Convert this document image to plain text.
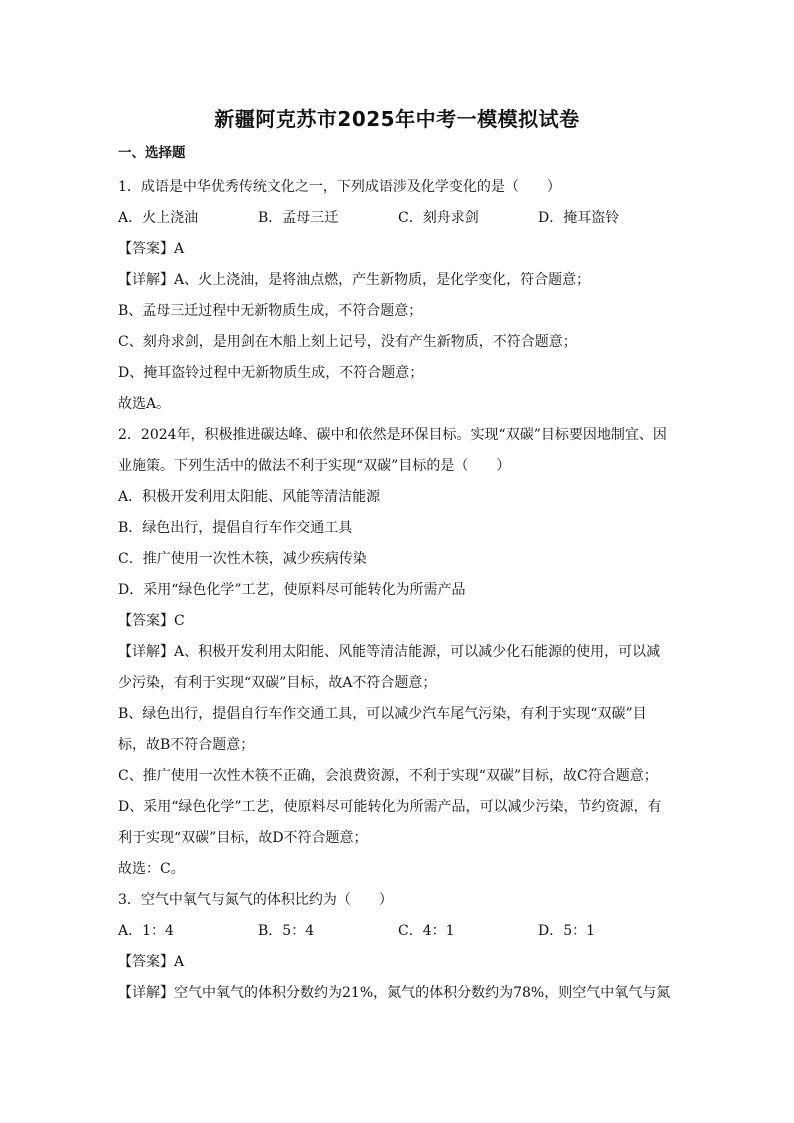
新疆阿克苏市2025年中考一模模拟试卷
一、选择题
1．成语是中华优秀传统文化之一，下列成语涉及化学变化的是（　　）
A．火上浇油	B．孟母三迁	C．刻舟求剑	D．掩耳盗铃
【答案】A
【详解】A、火上浇油，是将油点燃，产生新物质，是化学变化，符合题意；
B、孟母三迁过程中无新物质生成，不符合题意；
C、刻舟求剑，是用剑在木船上刻上记号，没有产生新物质，不符合题意；
D、掩耳盗铃过程中无新物质生成，不符合题意；
故选A。
2．2024年，积极推进碳达峰、碳中和依然是环保目标。实现“双碳”目标要因地制宜、因
业施策。下列生活中的做法不利于实现“双碳”目标的是（　　）
A．积极开发利用太阳能、风能等清洁能源
B．绿色出行，提倡自行车作交通工具
C．推广使用一次性木筷，减少疾病传染
D．采用“绿色化学”工艺，使原料尽可能转化为所需产品
【答案】C
【详解】A、积极开发利用太阳能、风能等清洁能源，可以减少化石能源的使用，可以减
少污染，有利于实现“双碳”目标，故A不符合题意；
B、绿色出行，提倡自行车作交通工具，可以减少汽车尾气污染，有利于实现“双碳”目
标，故B不符合题意；
C、推广使用一次性木筷不正确，会浪费资源，不利于实现“双碳”目标，故C符合题意；
D、采用“绿色化学”工艺，使原料尽可能转化为所需产品，可以减少污染，节约资源，有
利于实现“双碳”目标，故D不符合题意；
故选：C。
3．空气中氧气与氮气的体积比约为（　　）
A．1：4	B．5：4	C．4：1	D．5：1
【答案】A
【详解】空气中氧气的体积分数约为21%，氮气的体积分数约为78%，则空气中氧气与氮
